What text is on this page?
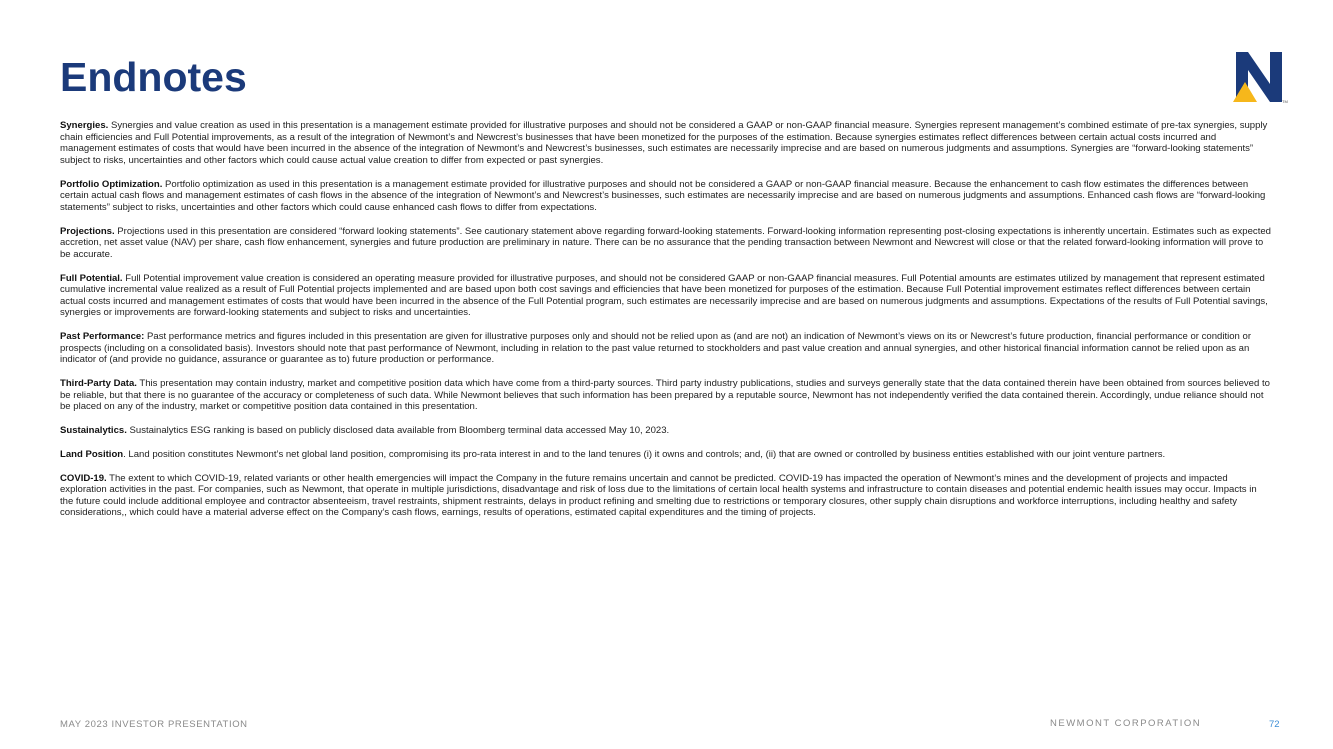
Endnotes
TM

Synergies. Synergies and value creation as used in this presentation is a management estimate provided for illustrative purposes and should not be considered a GAAP or non-GAAP financial measure. Synergies represent management’s combined estimate of pre-tax synergies, supply chain efficiencies and Full Potential improvements, as a result of the integration of Newmont’s and Newcrest’s businesses that have been monetized for the purposes of the estimation. Because synergies estimates reflect differences between certain actual costs incurred and management estimates of costs that would have been incurred in the absence of the integration of Newmont’s and Newcrest’s businesses, such estimates are necessarily imprecise and are based on numerous judgments and assumptions. Synergies are “forward-looking statements” subject to risks, uncertainties and other factors which could cause actual value creation to differ from expected or past synergies.

Portfolio Optimization. Portfolio optimization as used in this presentation is a management estimate provided for illustrative purposes and should not be considered a GAAP or non-GAAP financial measure. Because the enhancement to cash flow estimates the differences between certain actual cash flows and management estimates of cash flows in the absence of the integration of Newmont’s and Newcrest’s businesses, such estimates are necessarily imprecise and are based on numerous judgments and assumptions. Enhanced cash flows are “forward-looking statements” subject to risks, uncertainties and other factors which could cause enhanced cash flows to differ from expectations.

Projections. Projections used in this presentation are considered “forward looking statements”. See cautionary statement above regarding forward-looking statements. Forward-looking information representing post-closing expectations is inherently uncertain. Estimates such as expected accretion, net asset value (NAV) per share, cash flow enhancement, synergies and future production are preliminary in nature. There can be no assurance that the pending transaction between Newmont and Newcrest will close or that the related forward-looking information will prove to be accurate.

Full Potential. Full Potential improvement value creation is considered an operating measure provided for illustrative purposes, and should not be considered GAAP or non-GAAP financial measures. Full Potential amounts are estimates utilized by management that represent estimated cumulative incremental value realized as a result of Full Potential projects implemented and are based upon both cost savings and efficiencies that have been monetized for purposes of the estimation. Because Full Potential improvement estimates reflect differences between certain actual costs incurred and management estimates of costs that would have been incurred in the absence of the Full Potential program, such estimates are necessarily imprecise and are based on numerous judgments and assumptions. Expectations of the results of Full Potential savings, synergies or improvements are forward-looking statements and subject to risks and uncertainties.

Past Performance: Past performance metrics and figures included in this presentation are given for illustrative purposes only and should not be relied upon as (and are not) an indication of Newmont’s views on its or Newcrest’s future production, financial performance or condition or prospects (including on a consolidated basis). Investors should note that past performance of Newmont, including in relation to the past value returned to stockholders and past value creation and annual synergies, and other historical financial information cannot be relied upon as an indicator of (and provide no guidance, assurance or guarantee as to) future production or performance.

Third-Party Data. This presentation may contain industry, market and competitive position data which have come from a third-party sources. Third party industry publications, studies and surveys generally state that the data contained therein have been obtained from sources believed to be reliable, but that there is no guarantee of the accuracy or completeness of such data. While Newmont believes that such information has been prepared by a reputable source, Newmont has not independently verified the data contained therein. Accordingly, undue reliance should not be placed on any of the industry, market or competitive position data contained in this presentation.

Sustainalytics. Sustainalytics ESG ranking is based on publicly disclosed data available from Bloomberg terminal data accessed May 10, 2023.

Land Position. Land position constitutes Newmont’s net global land position, compromising its pro-rata interest in and to the land tenures (i) it owns and controls; and, (ii) that are owned or controlled by business entities established with our joint venture partners.

COVID-19. The extent to which COVID-19, related variants or other health emergencies will impact the Company in the future remains uncertain and cannot be predicted. COVID-19 has impacted the operation of Newmont’s mines and the development of projects and impacted exploration activities in the past. For companies, such as Newmont, that operate in multiple jurisdictions, disadvantage and risk of loss due to the limitations of certain local health systems and infrastructure to contain diseases and potential endemic health issues may occur. Impacts in the future could include additional employee and contractor absenteeism, travel restraints, shipment restraints, delays in product refining and smelting due to restrictions or temporary closures, other supply chain disruptions and workforce interruptions, including healthy and safety considerations,, which could have a material adverse effect on the Company’s cash flows, earnings, results of operations, estimated capital expenditures and the timing of projects.

MAY 2023 INVESTOR PRESENTATION	NEWMONT CORPORATION	72
